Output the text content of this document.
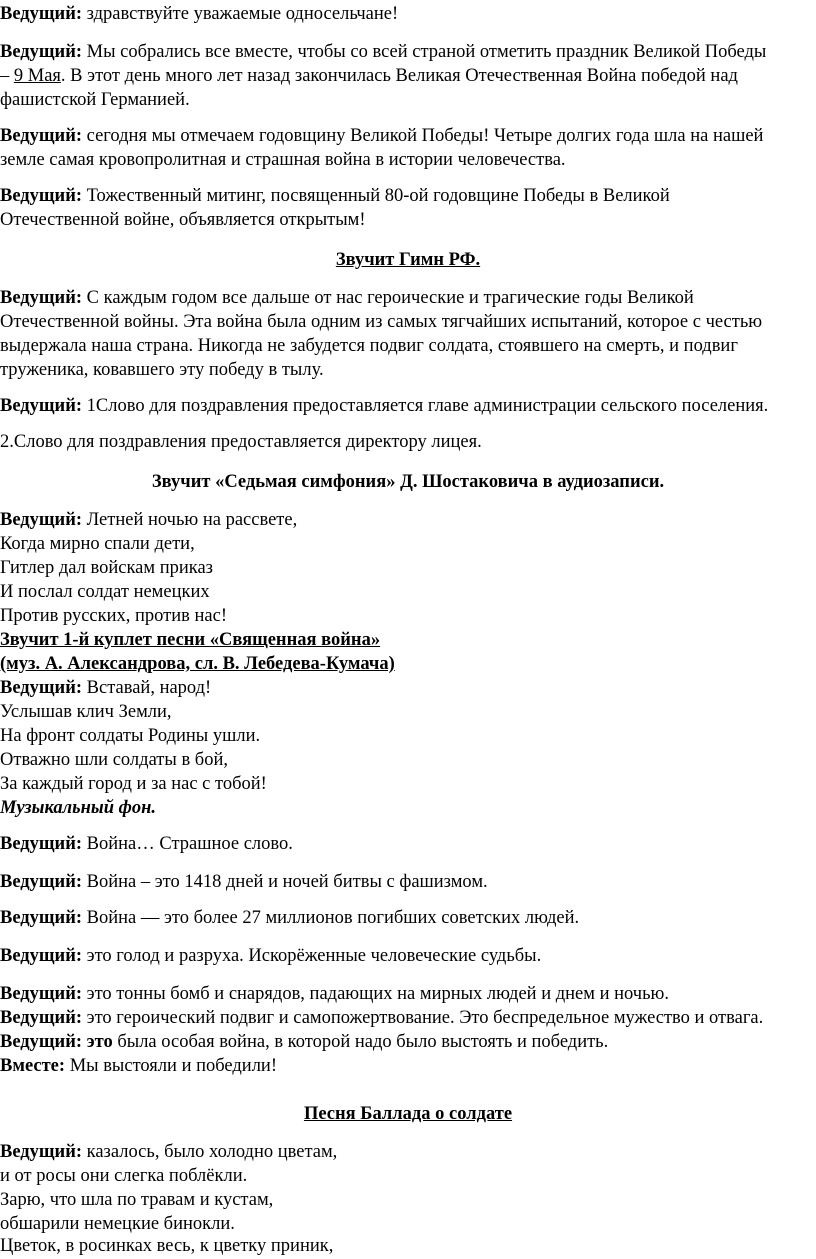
Ведущий: здравствуйте уважаемые односельчане!
Ведущий: Мы собрались все вместе, чтобы со всей страной отметить праздник Великой Победы
– 9 Мая. В этот день много лет назад закончилась Великая Отечественная Война победой над
фашистской Германией.
Ведущий: сегодня мы отмечаем годовщину Великой Победы! Четыре долгих года шла на нашей
земле самая кровопролитная и страшная война в истории человечества.
Ведущий: Тожественный митинг, посвященный 80-ой годовщине Победы в Великой
Отечественной войне, объявляется открытым!
Звучит Гимн РФ.
Ведущий: С каждым годом все дальше от нас героические и трагические годы Великой
Отечественной войны. Эта война была одним из самых тягчайших испытаний, которое с честью
выдержала наша страна. Никогда не забудется подвиг солдата, стоявшего на смерть, и подвиг
труженика, ковавшего эту победу в тылу.
Ведущий: 1Слово для поздравления предоставляется главе администрации сельского поселения.
2.Слово для поздравления предоставляется директору лицея.
Звучит «Седьмая симфония» Д. Шостаковича в аудиозаписи.
Ведущий: Летней ночью на рассвете,
Когда мирно спали дети,
Гитлер дал войскам приказ
И послал солдат немецких
Против русских, против нас!
Звучит 1-й куплет песни «Священная война»
(муз. А. Александрова, сл. В. Лебедева-Кумача)
Ведущий: Вставай, народ!
Услышав клич Земли,
На фронт солдаты Родины ушли.
Отважно шли солдаты в бой,
За каждый город и за нас с тобой!
Музыкальный фон.
Ведущий: Война… Страшное слово.
Ведущий: Война – это 1418 дней и ночей битвы с фашизмом.
Ведущий: Война — это более 27 миллионов погибших советских людей.
Ведущий: это голод и разруха. Искорёженные человеческие судьбы.
Ведущий: это тонны бомб и снарядов, падающих на мирных людей и днем и ночью.
Ведущий: это героический подвиг и самопожертвование. Это беспредельное мужество и отвага.
Ведущий: это была особая война, в которой надо было выстоять и победить.
Вместе: Мы выстояли и победили!
Песня Баллада о солдате
Ведущий: казалось, было холодно цветам,
и от росы они слегка поблёкли.
Зарю, что шла по травам и кустам,
обшарили немецкие бинокли.
Цветок, в росинках весь, к цветку приник,
